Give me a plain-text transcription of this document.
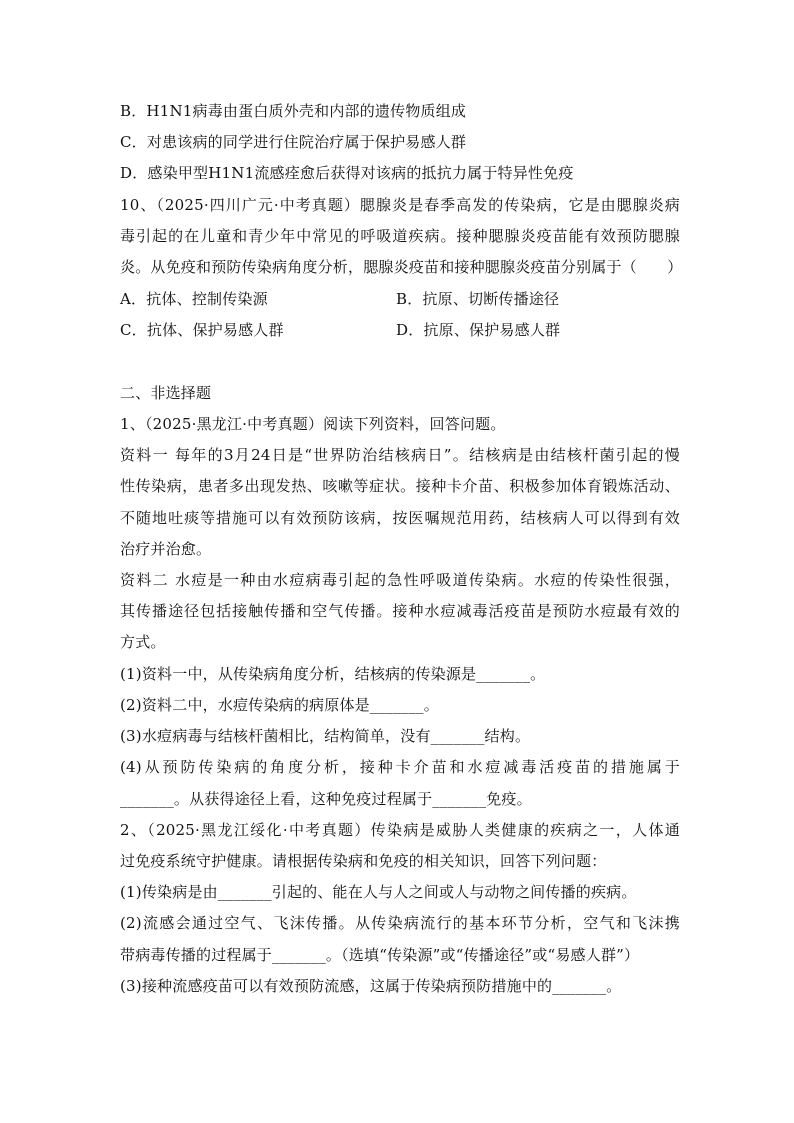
B．H1N1病毒由蛋白质外壳和内部的遗传物质组成
C．对患该病的同学进行住院治疗属于保护易感人群
D．感染甲型H1N1流感痊愈后获得对该病的抵抗力属于特异性免疫
10、（2025·四川广元·中考真题）腮腺炎是春季高发的传染病，它是由腮腺炎病
毒引起的在儿童和青少年中常见的呼吸道疾病。接种腮腺炎疫苗能有效预防腮腺
炎。从免疫和预防传染病角度分析，腮腺炎疫苗和接种腮腺炎疫苗分别属于（　　）
A．抗体、控制传染源	B．抗原、切断传播途径
C．抗体、保护易感人群	D．抗原、保护易感人群
二、非选择题
1、（2025·黑龙江·中考真题）阅读下列资料，回答问题。
资料一 每年的3月24日是“世界防治结核病日”。结核病是由结核杆菌引起的慢
性传染病，患者多出现发热、咳嗽等症状。接种卡介苗、积极参加体育锻炼活动、
不随地吐痰等措施可以有效预防该病，按医嘱规范用药，结核病人可以得到有效
治疗并治愈。
资料二 水痘是一种由水痘病毒引起的急性呼吸道传染病。水痘的传染性很强，
其传播途径包括接触传播和空气传播。接种水痘减毒活疫苗是预防水痘最有效的
方式。
(1)资料一中，从传染病角度分析，结核病的传染源是_______。
(2)资料二中，水痘传染病的病原体是_______。
(3)水痘病毒与结核杆菌相比，结构简单，没有_______结构。
(4)从预防传染病的角度分析，接种卡介苗和水痘减毒活疫苗的措施属于
_______。从获得途径上看，这种免疫过程属于_______免疫。
2、（2025·黑龙江绥化·中考真题）传染病是威胁人类健康的疾病之一，人体通
过免疫系统守护健康。请根据传染病和免疫的相关知识，回答下列问题：
(1)传染病是由_______引起的、能在人与人之间或人与动物之间传播的疾病。
(2)流感会通过空气、飞沫传播。从传染病流行的基本环节分析，空气和飞沫携
带病毒传播的过程属于_______。（选填“传染源”或“传播途径”或“易感人群”）
(3)接种流感疫苗可以有效预防流感，这属于传染病预防措施中的_______。
